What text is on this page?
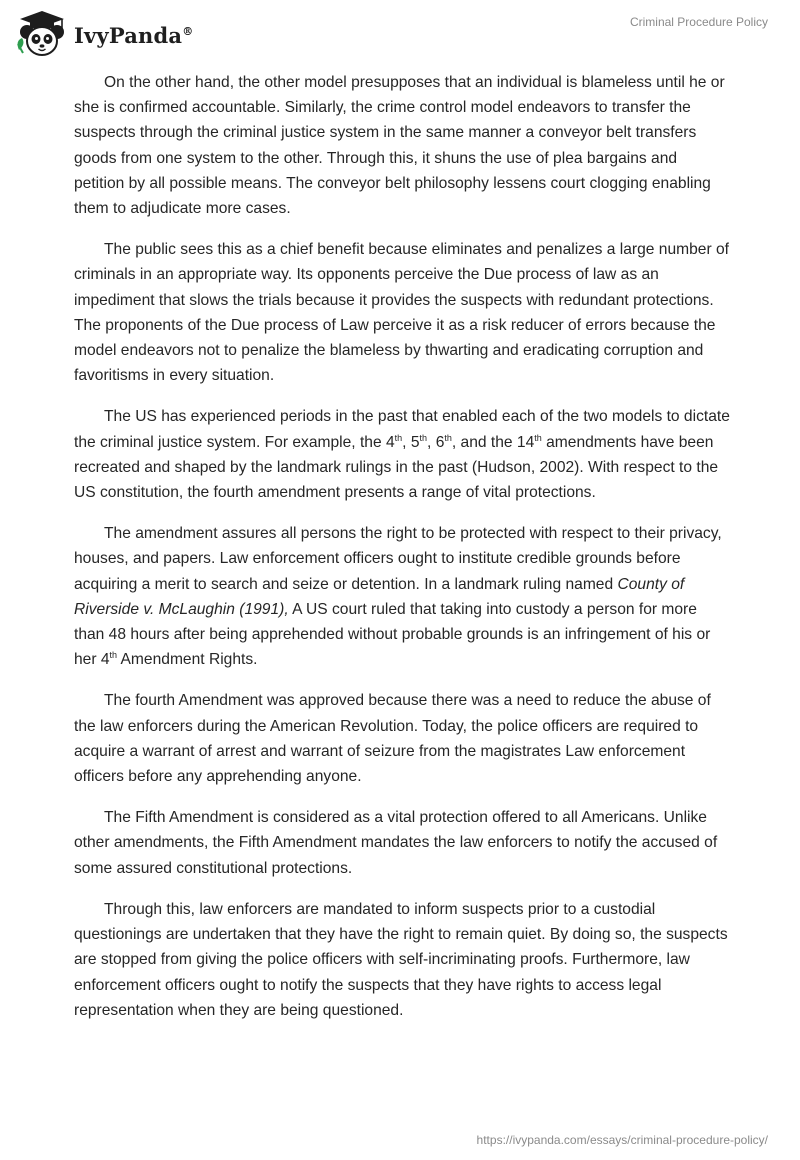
IvyPanda®
Criminal Procedure Policy

On the other hand, the other model presupposes that an individual is blameless until he or she is confirmed accountable. Similarly, the crime control model endeavors to transfer the suspects through the criminal justice system in the same manner a conveyor belt transfers goods from one system to the other. Through this, it shuns the use of plea bargains and petition by all possible means. The conveyor belt philosophy lessens court clogging enabling them to adjudicate more cases.

The public sees this as a chief benefit because eliminates and penalizes a large number of criminals in an appropriate way. Its opponents perceive the Due process of law as an impediment that slows the trials because it provides the suspects with redundant protections. The proponents of the Due process of Law perceive it as a risk reducer of errors because the model endeavors not to penalize the blameless by thwarting and eradicating corruption and favoritisms in every situation.

The US has experienced periods in the past that enabled each of the two models to dictate the criminal justice system. For example, the 4th, 5th, 6th, and the 14th amendments have been recreated and shaped by the landmark rulings in the past (Hudson, 2002). With respect to the US constitution, the fourth amendment presents a range of vital protections.

The amendment assures all persons the right to be protected with respect to their privacy, houses, and papers. Law enforcement officers ought to institute credible grounds before acquiring a merit to search and seize or detention. In a landmark ruling named County of Riverside v. McLaughin (1991), A US court ruled that taking into custody a person for more than 48 hours after being apprehended without probable grounds is an infringement of his or her 4th Amendment Rights.

The fourth Amendment was approved because there was a need to reduce the abuse of the law enforcers during the American Revolution. Today, the police officers are required to acquire a warrant of arrest and warrant of seizure from the magistrates Law enforcement officers before any apprehending anyone.

The Fifth Amendment is considered as a vital protection offered to all Americans. Unlike other amendments, the Fifth Amendment mandates the law enforcers to notify the accused of some assured constitutional protections.

Through this, law enforcers are mandated to inform suspects prior to a custodial questionings are undertaken that they have the right to remain quiet. By doing so, the suspects are stopped from giving the police officers with self-incriminating proofs. Furthermore, law enforcement officers ought to notify the suspects that they have rights to access legal representation when they are being questioned.

https://ivypanda.com/essays/criminal-procedure-policy/
